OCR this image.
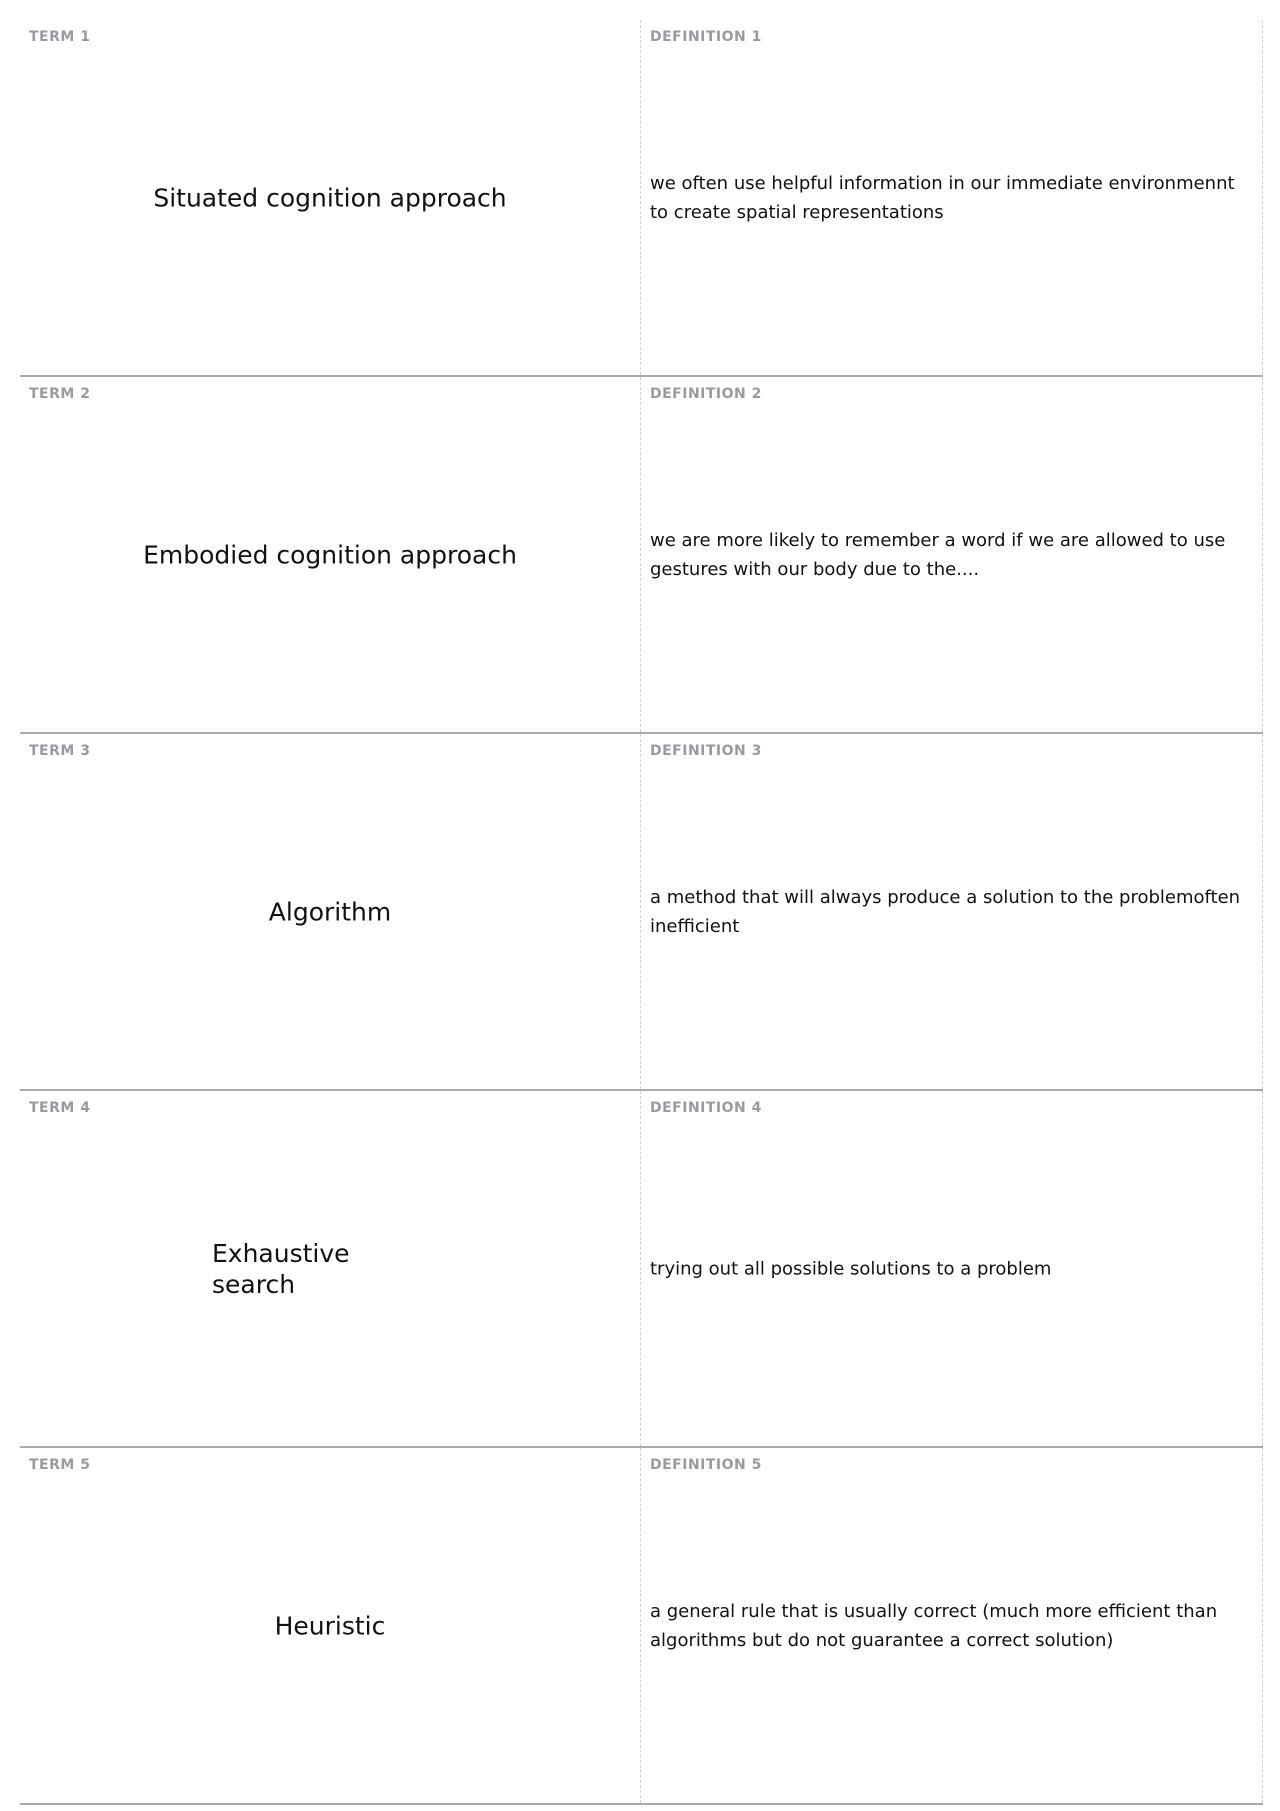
TERM 1
Situated cognition approach
DEFINITION 1
we often use helpful information in our immediate environmennt to create spatial representations
TERM 2
Embodied cognition approach
DEFINITION 2
we are more likely to remember a word if we are allowed to use gestures with our body due to the....
TERM 3
Algorithm
DEFINITION 3
a method that will always produce a solution to the problemoften inefficient
TERM 4
Exhaustive search
DEFINITION 4
trying out all possible solutions to a problem
TERM 5
Heuristic
DEFINITION 5
a general rule that is usually correct (much more efficient than algorithms but do not guarantee a correct solution)
